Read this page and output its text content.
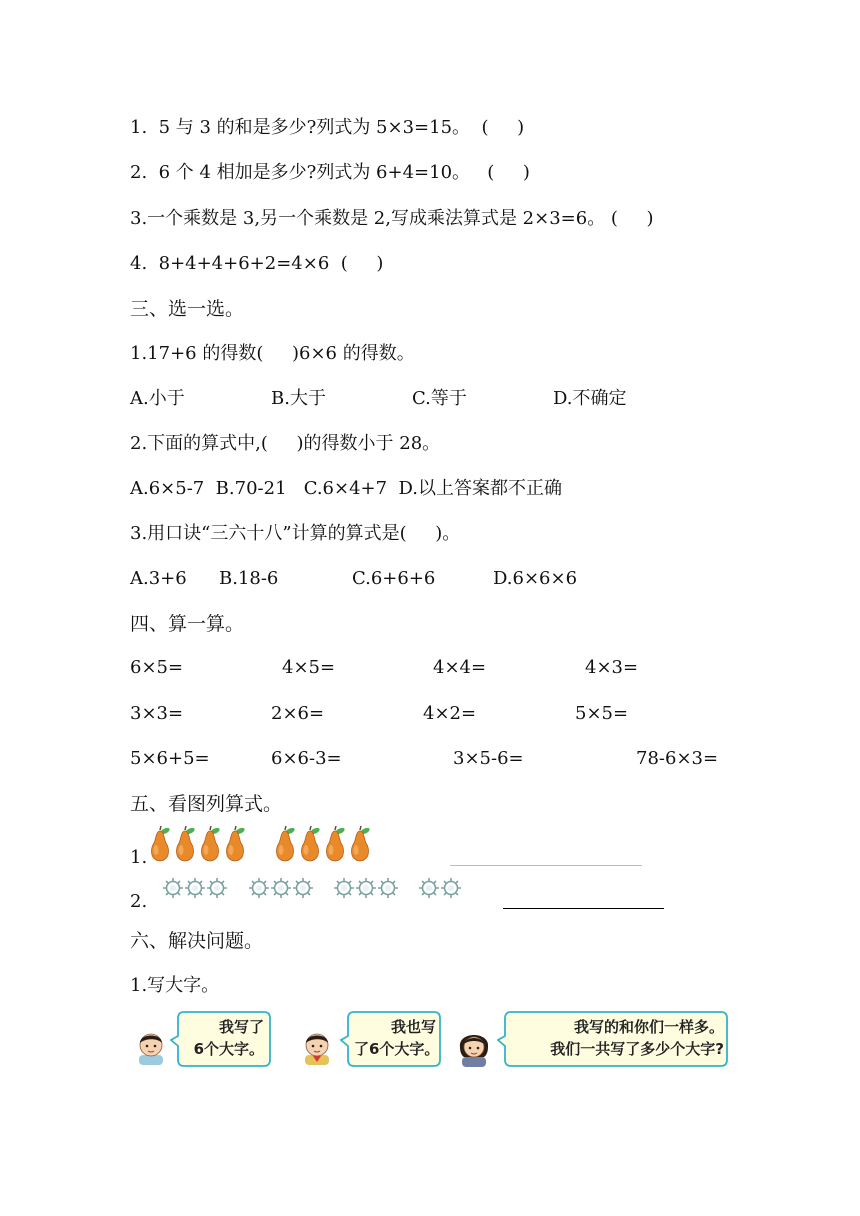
1.  5 与 3 的和是多少?列式为 5×3=15。  (     )
2.  6 个 4 相加是多少?列式为 6+4=10。   (     )
3.一个乘数是 3,另一个乘数是 2,写成乘法算式是 2×3=6。 (     )
4.  8+4+4+6+2=4×6  (     )
三、选一选。
1.17+6 的得数(     )6×6 的得数。
A.小于	B.大于	C.等于	D.不确定
2.下面的算式中,(     )的得数小于 28。
A.6×5-7  B.70-21   C.6×4+7  D.以上答案都不正确
3.用口诀“三六十八”计算的算式是(     )。
A.3+6 B.18-6	C.6+6+6	D.6×6×6
四、算一算。
6×5=	4×5=	4×4=	4×3=
3×3=	2×6=	4×2=	5×5=
5×6+5=	6×6-3=	3×5-6=	78-6×3=
五、看图列算式。
1.
2.
六、解决问题。
1.写大字。
我写了
6个大字。
我也写
了6个大字。
我写的和你们一样多。
我们一共写了多少个大字?
